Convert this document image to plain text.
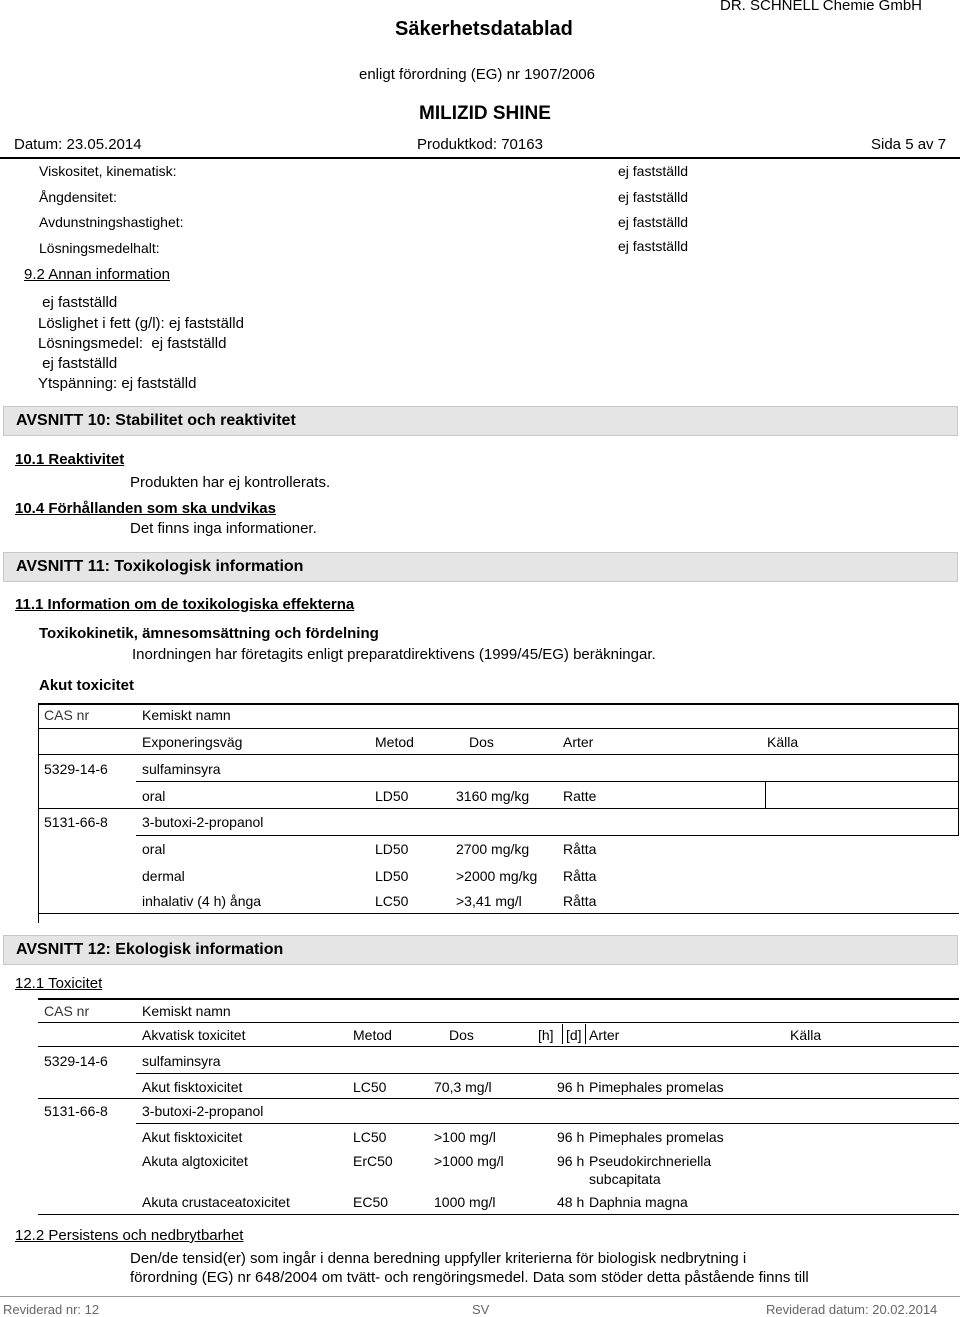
Säkerhetsdatablad
DR. SCHNELL Chemie GmbH
enligt förordning (EG) nr 1907/2006
MILIZID SHINE
Datum: 23.05.2014	Produktkod: 70163	Sida 5 av 7
Viskositet, kinematisk:	ej fastställd
Ångdensitet:	ej fastställd
Avdunstningshastighet:	ej fastställd
Lösningsmedelhalt:	ej fastställd
9.2 Annan information
ej fastställd
Löslighet i fett (g/l): ej fastställd
Lösningsmedel:  ej fastställd
ej fastställd
Ytspänning: ej fastställd
AVSNITT 10: Stabilitet och reaktivitet
10.1 Reaktivitet
Produkten har ej kontrollerats.
10.4 Förhållanden som ska undvikas
Det finns inga informationer.
AVSNITT 11: Toxikologisk information
11.1 Information om de toxikologiska effekterna
Toxikokinetik, ämnesomsättning och fördelning
Inordningen har företagits enligt preparatdirektivens (1999/45/EG) beräkningar.
Akut toxicitet
CAS nr	Kemiskt namn
Exponeringsväg	Metod	Dos	Arter	Källa
5329-14-6 sulfaminsyra
oral	LD50	3160 mg/kg Ratte
5131-66-8 3-butoxi-2-propanol
oral	LD50	2700 mg/kg Råtta
dermal	LD50	>2000 mg/kg Råtta
inhalativ (4 h) ånga	LC50	>3,41 mg/l	Råtta
AVSNITT 12: Ekologisk information
12.1 Toxicitet
CAS nr	Kemiskt namn
Akvatisk toxicitet	Metod	Dos	[h] [d] Arter	Källa
5329-14-6 sulfaminsyra
Akut fisktoxicitet	LC50	70,3 mg/l	96 h Pimephales promelas
5131-66-8 3-butoxi-2-propanol
Akut fisktoxicitet	LC50	>100 mg/l	96 h Pimephales promelas
Akuta algtoxicitet	ErC50	>1000 mg/l	96 h Pseudokirchneriella
subcapitata
Akuta crustaceatoxicitet	EC50	1000 mg/l	48 h Daphnia magna
12.2 Persistens och nedbrytbarhet
Den/de tensid(er) som ingår i denna beredning uppfyller kriterierna för biologisk nedbrytning i
förordning (EG) nr 648/2004 om tvätt- och rengöringsmedel. Data som stöder detta påstående finns till
Reviderad nr: 12	SV	Reviderad datum: 20.02.2014
